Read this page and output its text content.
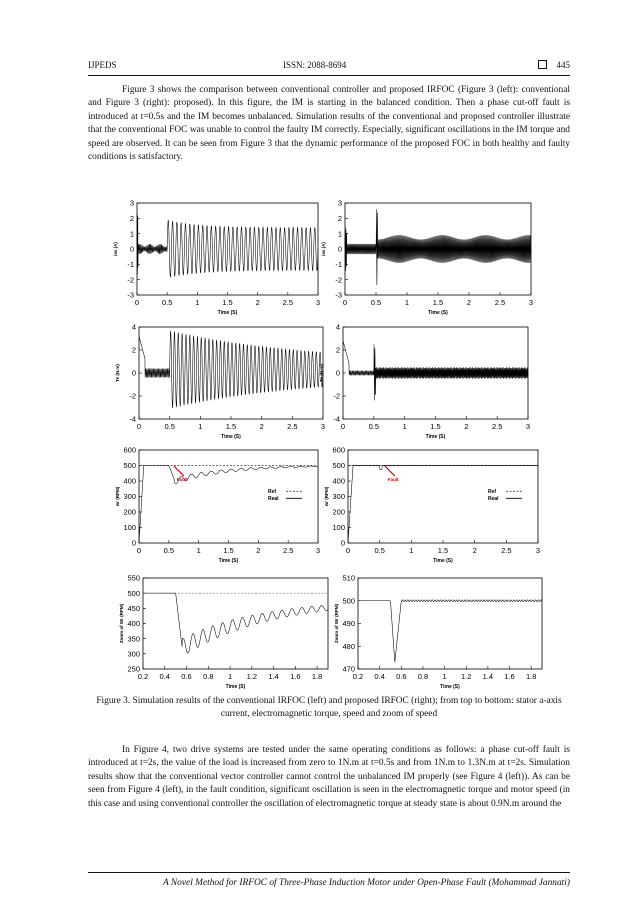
IJPEDS	ISSN: 2088-8694	445

Figure 3 shows the comparison between conventional controller and proposed IRFOC (Figure 3 (left): conventional and Figure 3 (right): proposed). In this figure, the IM is starting in the balanced condition. Then a phase cut-off fault is introduced at t=0.5s and the IM becomes unbalanced. Simulation results of the conventional and proposed controller illustrate that the conventional FOC was unable to control the faulty IM correctly. Especially, significant oscillations in the IM torque and speed are observed. It can be seen from Figure 3 that the dynamic performance of the proposed FOC in both healthy and faulty conditions is satisfactory.

0	0.5	1	1.5	2	2.5	3
-3
-2
-1
0
1
2
3
Time (S)
ias (A)
0	0.5	1	1.5	2	2.5	3
-3
-2
-1
0
1
2
3
Time (S)
ias (A)
0	0.5	1	1.5	2	2.5	3
-4
-2
0
2
4
Time (S)
Te (N.m)
0	0.5	1	1.5	2	2.5	3
-4
-2
0
2
4
Time (S)
Te (N.m)
0	0.5	1	1.5	2	2.5	3
0
100
200
300
400
500
600
Time (S)
wr (RPM)
Fault
Ref
Real
0	0.5	1	1.5	2	2.5	3
0
100
200
300
400
500
600
Time (S)
wr (RPM)
Fault
Ref
Real
0.2 0.4 0.6 0.8 1 1.2 1.4 1.6 1.8
250
300
350
400
450
500
550
Time (S)
Zoom of Wr (RPM)
0.2 0.4 0.6 0.8 1 1.2 1.4 1.6 1.8
470
480
490
500
510
Time (S)
Zoom of Wr (RPM)

Figure 3. Simulation results of the conventional IRFOC (left) and proposed IRFOC (right); from top to bottom: stator a-axis current, electromagnetic torque, speed and zoom of speed

In Figure 4, two drive systems are tested under the same operating conditions as follows: a phase cut-off fault is introduced at t=2s, the value of the load is increased from zero to 1N.m at t=0.5s and from 1N.m to 1.3N.m at t=2s. Simulation results show that the conventional vector controller cannot control the unbalanced IM properly (see Figure 4 (left)). As can be seen from Figure 4 (left), in the fault condition, significant oscillation is seen in the electromagnetic torque and motor speed (in this case and using conventional controller the oscillation of electromagnetic torque at steady state is about 0.9N.m around the

A Novel Method for IRFOC of Three-Phase Induction Motor under Open-Phase Fault (Mohammad Jannati)
